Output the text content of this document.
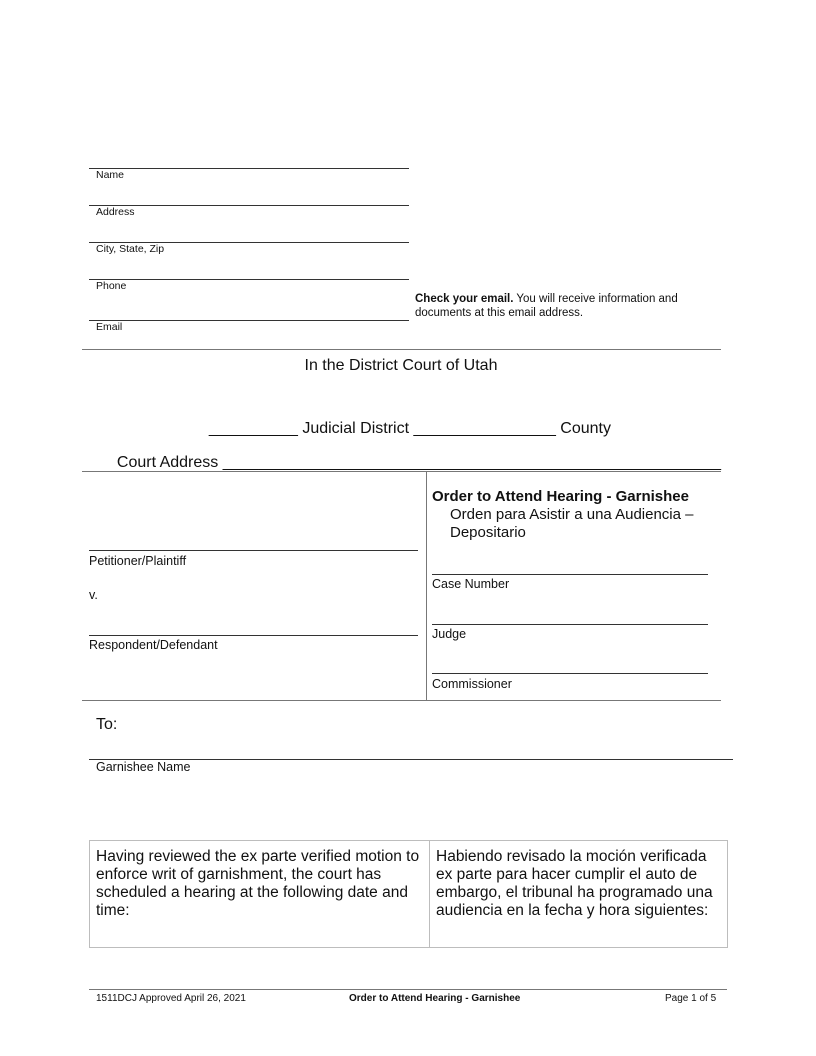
Name
Address
City, State, Zip
Phone
Email
Check your email. You will receive information and
documents at this email address.
In the District Court of Utah

__________ Judicial District ________________ County

Court Address ________________________________________________________

Petitioner/Plaintiff
v.
Respondent/Defendant
Order to Attend Hearing - Garnishee
Orden para Asistir a una Audiencia –
Depositario
Case Number
Judge
Commissioner
To:
Garnishee Name
Having reviewed the ex parte verified motion to enforce writ of garnishment, the court has scheduled a hearing at the following date and time:
Habiendo revisado la moción verificada ex parte para hacer cumplir el auto de embargo, el tribunal ha programado una audiencia en la fecha y hora siguientes:
1511DCJ Approved April 26, 2021	Order to Attend Hearing - Garnishee	Page 1 of 5
